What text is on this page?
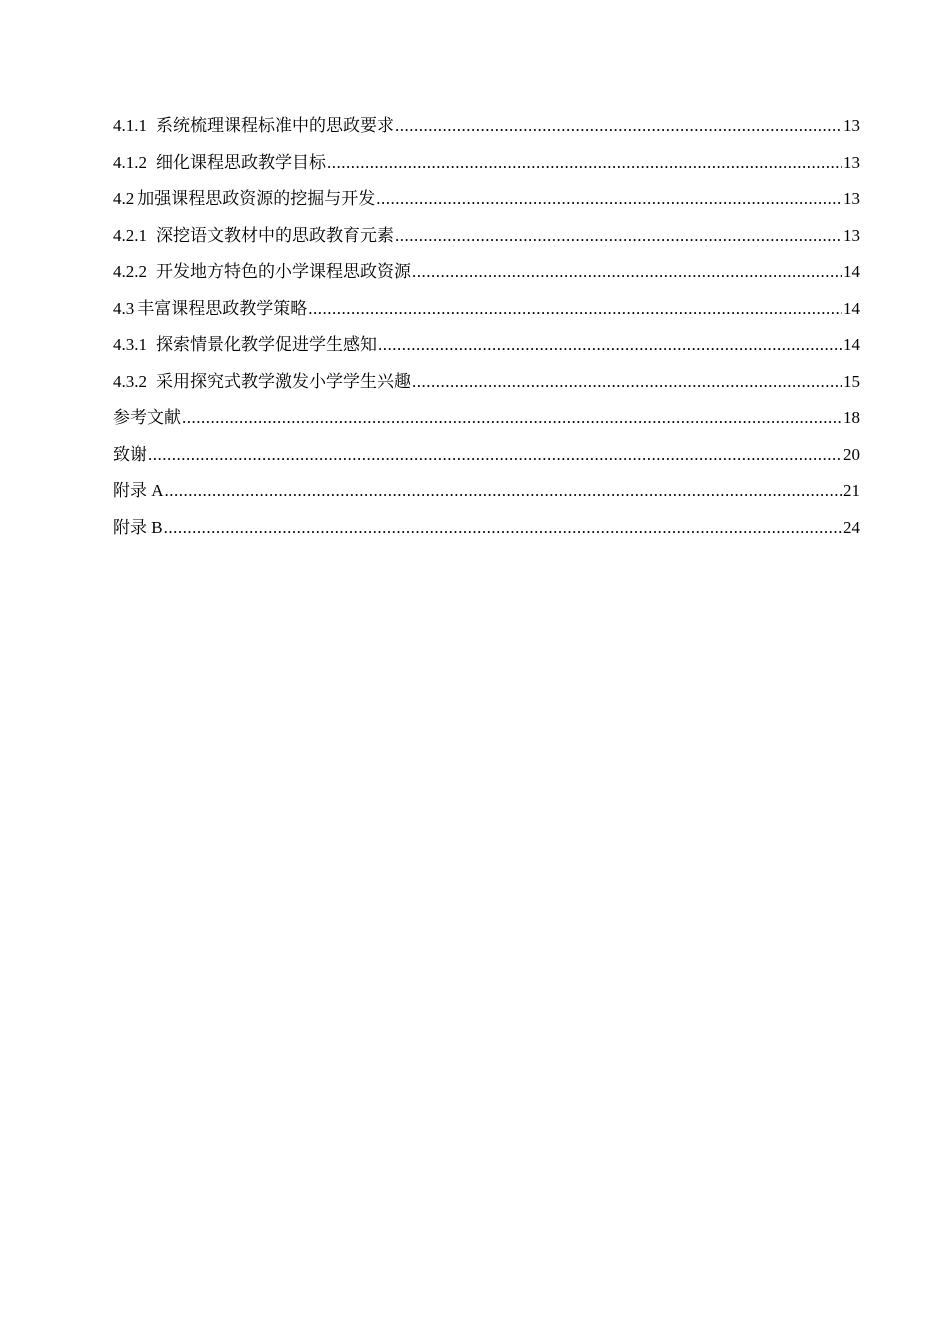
4.1.1 系统梳理课程标准中的思政要求 .....	13
4.1.2 细化课程思政教学目标 .....	13
4.2 加强课程思政资源的挖掘与开发 .....	13
4.2.1 深挖语文教材中的思政教育元素 .....	13
4.2.2 开发地方特色的小学课程思政资源 .....	14
4.3 丰富课程思政教学策略 .....	14
4.3.1 探索情景化教学促进学生感知 .....	14
4.3.2 采用探究式教学激发小学学生兴趣 .....	15
参考文献 .....	18
致谢 .....	20
附录 A .....	21
附录 B .....	24
